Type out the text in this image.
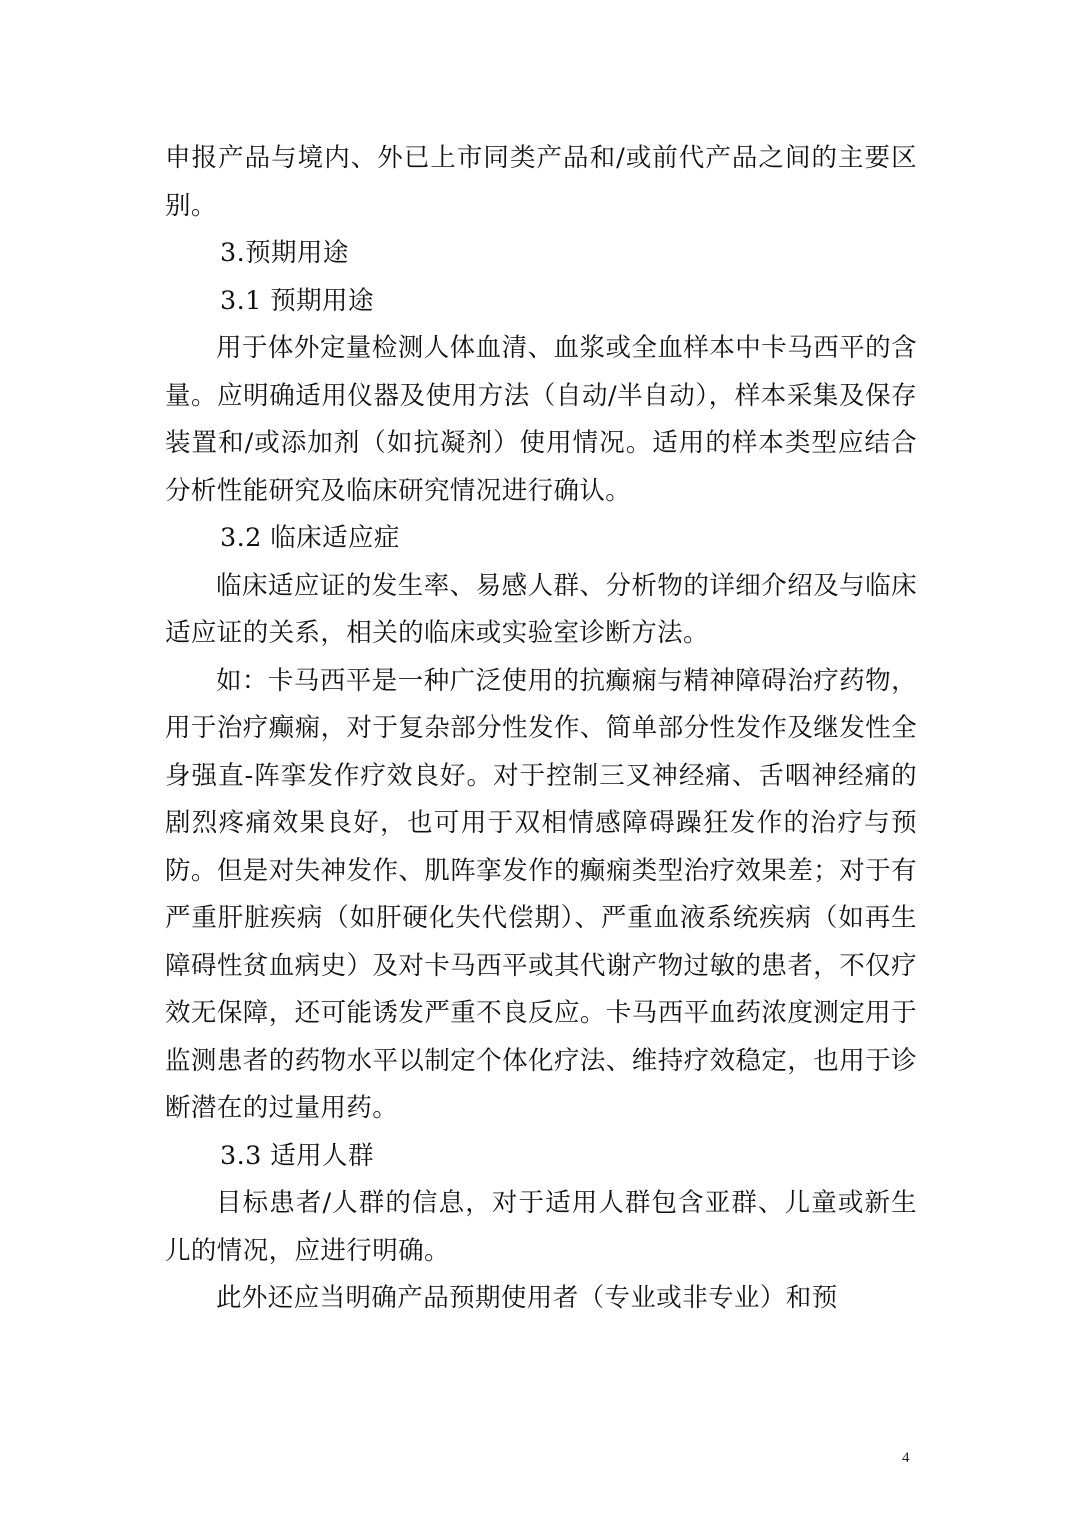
申报产品与境内、外已上市同类产品和/或前代产品之间的主要区别。

3.预期用途

3.1 预期用途

用于体外定量检测人体血清、血浆或全血样本中卡马西平的含量。应明确适用仪器及使用方法（自动/半自动），样本采集及保存装置和/或添加剂（如抗凝剂）使用情况。适用的样本类型应结合分析性能研究及临床研究情况进行确认。

3.2 临床适应症

临床适应证的发生率、易感人群、分析物的详细介绍及与临床适应证的关系，相关的临床或实验室诊断方法。

如：卡马西平是一种广泛使用的抗癫痫与精神障碍治疗药物，用于治疗癫痫，对于复杂部分性发作、简单部分性发作及继发性全身强直-阵挛发作疗效良好。对于控制三叉神经痛、舌咽神经痛的剧烈疼痛效果良好，也可用于双相情感障碍躁狂发作的治疗与预防。但是对失神发作、肌阵挛发作的癫痫类型治疗效果差；对于有严重肝脏疾病（如肝硬化失代偿期）、严重血液系统疾病（如再生障碍性贫血病史）及对卡马西平或其代谢产物过敏的患者，不仅疗效无保障，还可能诱发严重不良反应。卡马西平血药浓度测定用于监测患者的药物水平以制定个体化疗法、维持疗效稳定，也用于诊断潜在的过量用药。

3.3 适用人群

目标患者/人群的信息，对于适用人群包含亚群、儿童或新生儿的情况，应进行明确。

此外还应当明确产品预期使用者（专业或非专业）和预

4
